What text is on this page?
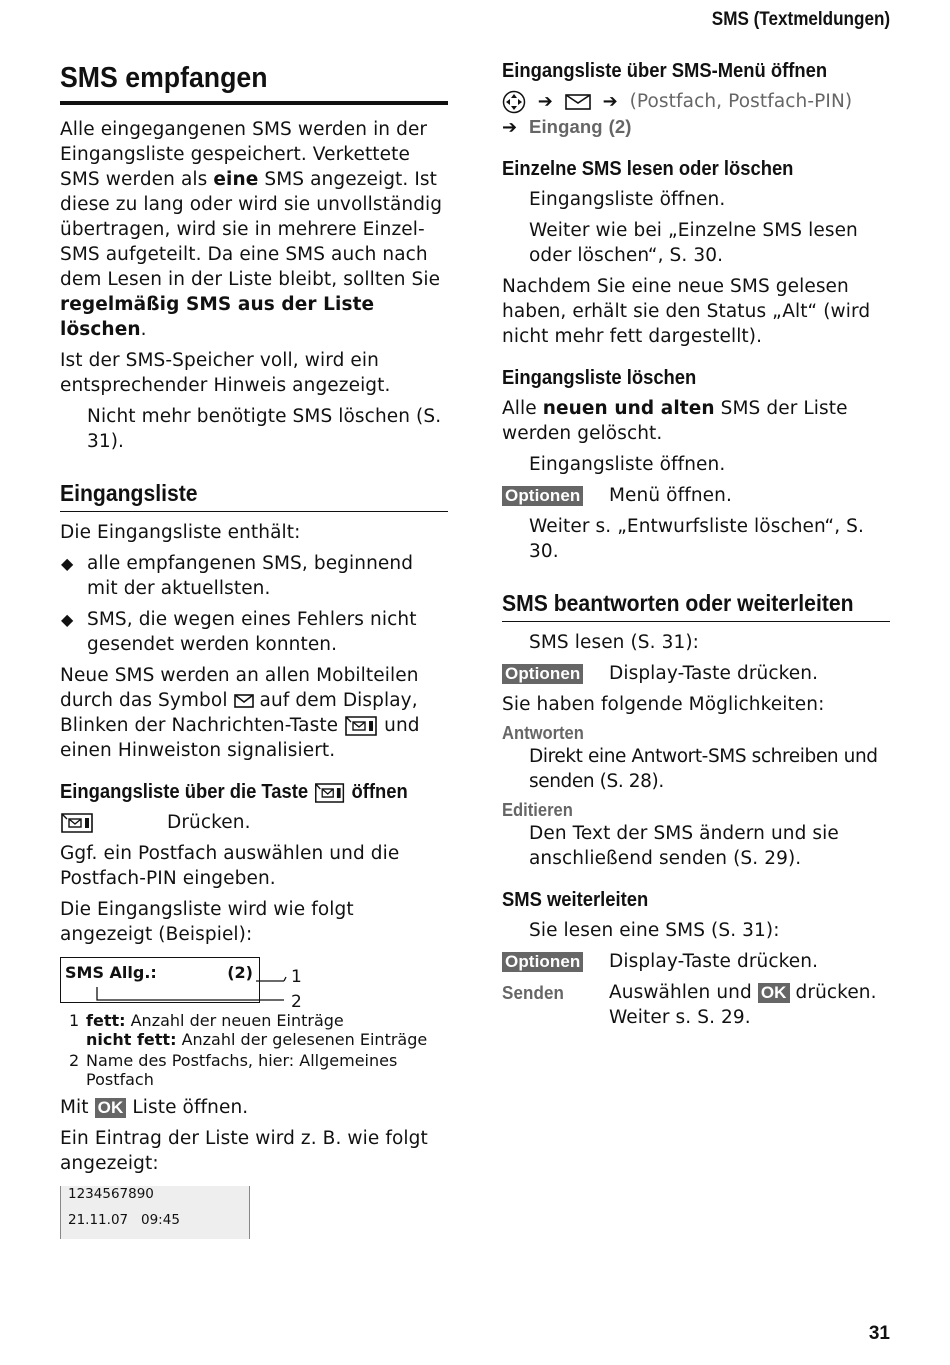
SMS (Textmeldungen)
SMS empfangen

Alle eingegangenen SMS werden in der Eingangsliste gespeichert. Verkettete SMS werden als eine SMS angezeigt. Ist diese zu lang oder wird sie unvollständig übertragen, wird sie in mehrere Einzel-SMS aufgeteilt. Da eine SMS auch nach dem Lesen in der Liste bleibt, sollten Sie regelmäßig SMS aus der Liste löschen.

Ist der SMS-Speicher voll, wird ein entsprechender Hinweis angezeigt.

Nicht mehr benötigte SMS löschen (S. 31).

Eingangsliste

Die Eingangsliste enthält:

◆ alle empfangenen SMS, beginnend mit der aktuellsten.
◆ SMS, die wegen eines Fehlers nicht gesendet werden konnten.

Neue SMS werden an allen Mobilteilen durch das Symbol auf dem Display, Blinken der Nachrichten-Taste und einen Hinweiston signalisiert.

Eingangsliste über die Taste öffnen
Drücken.

Ggf. ein Postfach auswählen und die Postfach-PIN eingeben.

Die Eingangsliste wird wie folgt angezeigt (Beispiel):

SMS Allg.:	(2) 1
2
1 fett: Anzahl der neuen Einträge
nicht fett: Anzahl der gelesenen Einträge
2 Name des Postfachs, hier: Allgemeines Postfach

Mit OK Liste öffnen.

Ein Eintrag der Liste wird z. B. wie folgt angezeigt:

1234567890
21.11.07 09:45
Eingangsliste über SMS-Menü öffnen

➔    ➔  (Postfach, Postfach-PIN)
➔  Eingang (2)

Einzelne SMS lesen oder löschen

Eingangsliste öffnen.

Weiter wie bei „Einzelne SMS lesen oder löschen“, S. 30.

Nachdem Sie eine neue SMS gelesen haben, erhält sie den Status „Alt“ (wird nicht mehr fett dargestellt).

Eingangsliste löschen

Alle neuen und alten SMS der Liste werden gelöscht.

Eingangsliste öffnen.

Optionen	Menü öffnen.

Weiter s. „Entwurfsliste löschen“, S. 30.

SMS beantworten oder weiterleiten

SMS lesen (S. 31):

Optionen	Display-Taste drücken.

Sie haben folgende Möglichkeiten:

Antworten

Direkt eine Antwort-SMS schreiben und senden (S. 28).

Editieren

Den Text der SMS ändern und sie anschließend senden (S. 29).

SMS weiterleiten

Sie lesen eine SMS (S. 31):

Optionen	Display-Taste drücken.
Senden	Auswählen und OK drücken.
Weiter s. S. 29.
31
